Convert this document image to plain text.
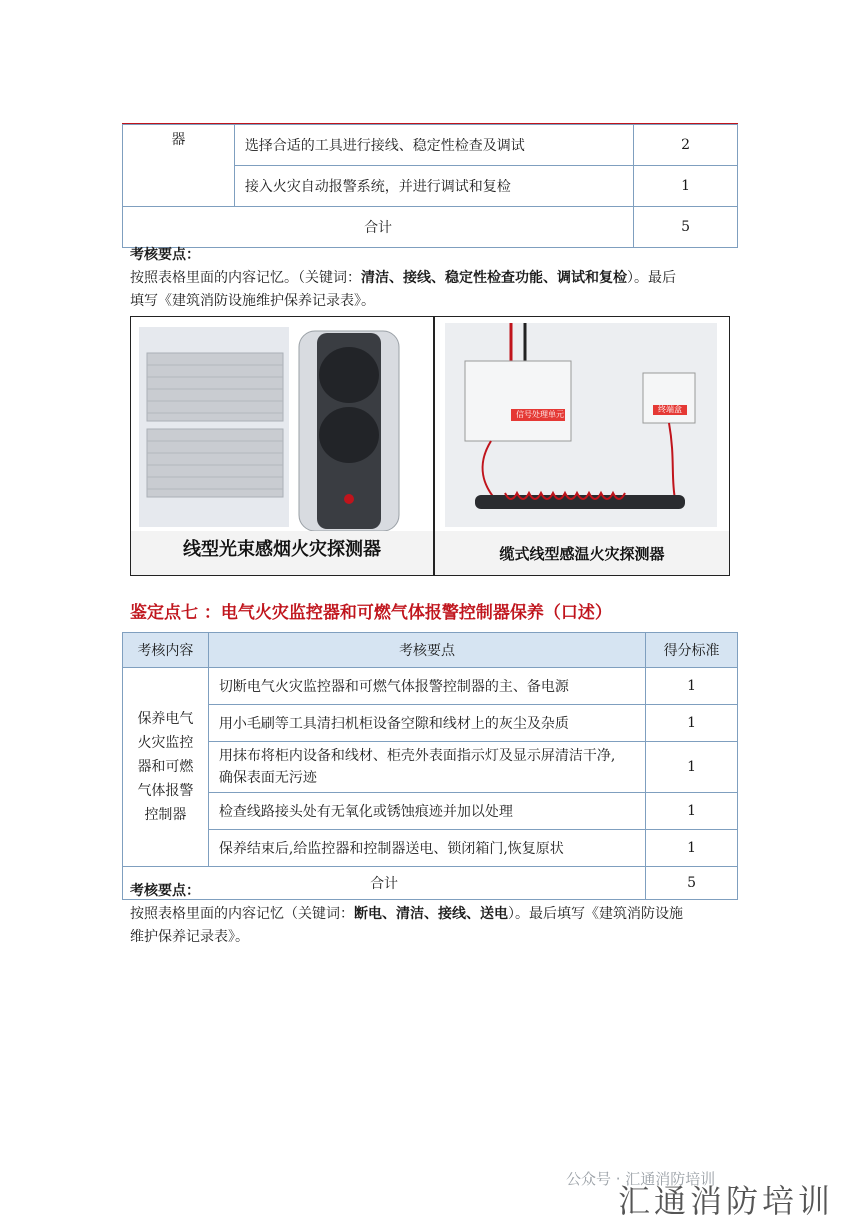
器	选择合适的工具进行接线、稳定性检查及调试	2
	接入火灾自动报警系统，并进行调试和复检	1
合计		5
考核要点：
按照表格里面的内容记忆。（关键词：清洁、接线、稳定性检查功能、调试和复检）。最后
填写《建筑消防设施维护保养记录表》。
线型光束感烟火灾探测器
信号处理单元
终端盒
缆式线型感温火灾探测器
鉴定点七 ：电气火灾监控器和可燃气体报警控制器保养（口述）
考核内容	考核要点	得分标准
保养电气火灾监控器和可燃气体报警控制器	切断电气火灾监控器和可燃气体报警控制器的主、备电源	1
	用小毛刷等工具清扫机柜设备空隙和线材上的灰尘及杂质	1

	用抹布将柜内设备和线材、柜壳外表面指示灯及显示屏清洁干净,
确保表面无污迹	1
	检查线路接头处有无氧化或锈蚀痕迹并加以处理	1
	保养结束后,给监控器和控制器送电、锁闭箱门,恢复原状	1
合计		5
考核要点：
按照表格里面的内容记忆（关键词：断电、清洁、接线、送电）。最后填写《建筑消防设施
维护保养记录表》。
公众号 · 汇通消防培训
汇通消防培训
